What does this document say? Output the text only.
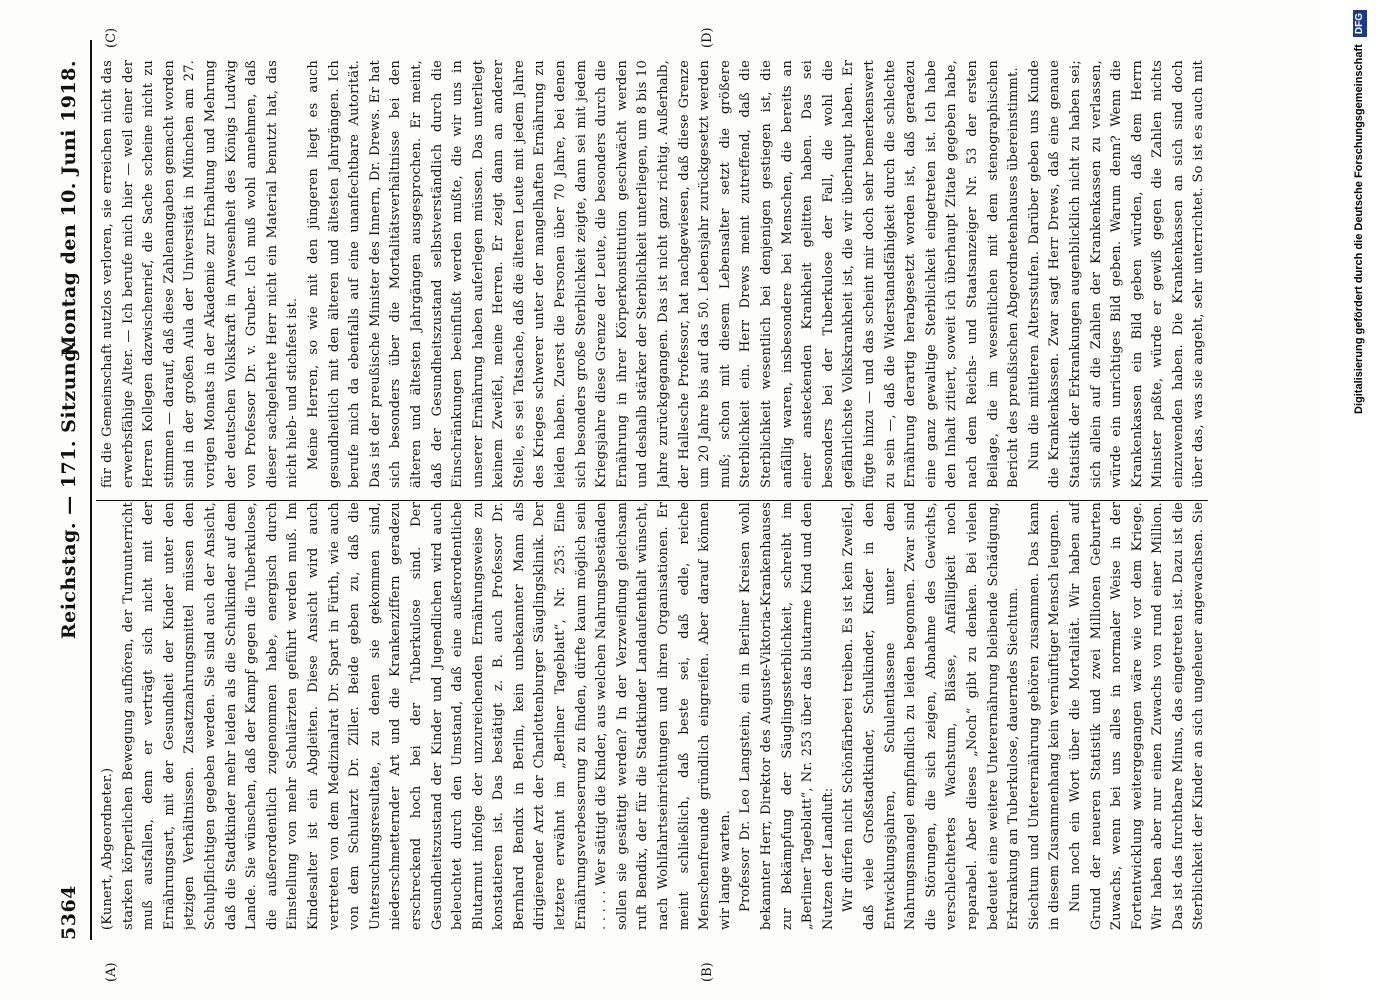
5364
Reichstag. — 171. Sitzung.
Montag den 10. Juni 1918.
(A)	(B)
(C)	(D)

(Kunert, Abgeordneter.) starken körperlichen Bewegung aufhören, der Turnunterricht muß ausfallen, denn er verträgt sich nicht mit der Ernährungsart, mit der Gesundheit der Kinder unter den jetzigen Verhältnissen. Zusatznahrungsmittel müssen den Schulpflichtigen gegeben werden. Sie sind auch der Ansicht, daß die Stadtkinder mehr leiden als die Schulkinder auf dem Lande. Sie wünschen, daß der Kampf gegen die Tuberkulose, die außerordentlich zugenommen habe, energisch durch Einstellung von mehr Schulärzten geführt werden muß. Im Kindesalter ist ein Abgleiten. Diese Ansicht wird auch vertreten von dem Medizinalrat Dr. Spart in Fürth, wie auch von dem Schularzt Dr. Ziller. Beide geben zu, daß die Untersuchungsresultate, zu denen sie gekommen sind, niederschmetternder Art und die Krankenziffern geradezu erschreckend hoch bei der Tuberkulose sind. Der Gesundheitszustand der Kinder und Jugendlichen wird auch beleuchtet durch den Umstand, daß eine außerordentliche Blutarmut infolge der unzureichenden Ernährungsweise zu konstatieren ist. Das bestätigt z. B. auch Professor Dr. Bernhard Bendix in Berlin, kein unbekannter Mann als dirigierender Arzt der Charlottenburger Säuglingsklinik. Der letztere erwähnt im „Berliner Tageblatt“, Nr. 253: Eine Ernährungsverbesserung zu finden, dürfte kaum möglich sein . . . . . Wer sättigt die Kinder, aus welchen Nahrungsbeständen sollen sie gesättigt werden? In der Verzweiflung gleichsam ruft Bendix, der für die Stadtkinder Landaufenthalt wünscht, nach Wohlfahrtseinrichtungen und ihren Organisationen. Er meint schließlich, daß beste sei, daß edle, reiche Menschenfreunde gründlich eingreifen. Aber darauf können wir lange warten. Professor Dr. Leo Langstein, ein in Berliner Kreisen wohl bekannter Herr, Direktor des Auguste-Viktoria-Krankenhauses zur Bekämpfung der Säuglingssterblichkeit, schreibt im „Berliner Tageblatt“, Nr. 253 über das blutarme Kind und den Nutzen der Landluft: Wir dürfen nicht Schönfärberei treiben. Es ist kein Zweifel, daß viele Großstadtkinder, Schulkinder, Kinder in den Entwicklungsjahren, Schulentlassene unter dem Nahrungsmangel empfindlich zu leiden begonnen. Zwar sind die Störungen, die sich zeigen, Abnahme des Gewichts, verschlechtertes Wachstum, Blässe, Anfälligkeit noch reparabel. Aber dieses „Noch“ gibt zu denken. Bei vielen bedeutet eine weitere Unterernährung bleibende Schädigung, Erkrankung an Tuberkulose, dauerndes Siechtum. Siechtum und Unterernährung gehören zusammen. Das kann in diesem Zusammenhang kein vernünftiger Mensch leugnen. Nun noch ein Wort über die Mortalität. Wir haben auf Grund der neueren Statistik und zwei Millionen Geburten Zuwachs, wenn bei uns alles in normaler Weise in der Fortentwicklung weitergegangen wäre wie vor dem Kriege. Wir haben aber nur einen Zuwachs von rund einer Million. Das ist das furchtbare Minus, das eingetreten ist. Dazu ist die Sterblichkeit der Kinder an sich ungeheuer angewachsen. Sie

für die Gemeinschaft nutzlos verloren, sie erreichen nicht das erwerbsfähige Alter. — Ich berufe mich hier — weil einer der Herren Kollegen dazwischenrief, die Sache scheine nicht zu stimmen — darauf, daß diese Zahlenangaben gemacht worden sind in der großen Aula der Universität in München am 27. vorigen Monats in der Akademie zur Erhaltung und Mehrung der deutschen Volkskraft in Anwesenheit des Königs Ludwig von Professor Dr. v. Gruber. Ich muß wohl annehmen, daß dieser sachgelehrte Herr nicht ein Material benutzt hat, das nicht hieb- und stichfest ist. Meine Herren, so wie mit den jüngeren liegt es auch gesundheitlich mit den älteren und ältesten Jahrgängen. Ich berufe mich da ebenfalls auf eine unanfechtbare Autorität. Das ist der preußische Minister des Innern, Dr. Drews. Er hat sich besonders über die Mortalitätsverhältnisse bei den älteren und ältesten Jahrgängen ausgesprochen. Er meint, daß der Gesundheitszustand selbstverständlich durch die Einschränkungen beeinflußt werden mußte, die wir uns in unserer Ernährung haben auferlegen müssen. Das unterliegt keinem Zweifel, meine Herren. Er zeigt dann an anderer Stelle, es sei Tatsache, daß die älteren Leute mit jedem Jahre des Krieges schwerer unter der mangelhaften Ernährung zu leiden haben. Zuerst die Personen über 70 Jahre, bei denen sich besonders große Sterblichkeit zeigte, dann sei mit jedem Kriegsjahre diese Grenze der Leute, die besonders durch die Ernährung in ihrer Körperkonstitution geschwächt werden und deshalb stärker der Sterblichkeit unterliegen, um 8 bis 10 Jahre zurückgegangen. Das ist nicht ganz richtig. Außerhalb, der Hallesche Professor, hat nachgewiesen, daß diese Grenze um 20 Jahre bis auf das 50. Lebensjahr zurückgesetzt werden muß; schon mit diesem Lebensalter setzt die größere Sterblichkeit ein. Herr Drews meint zutreffend, daß die Sterblichkeit wesentlich bei denjenigen gestiegen ist, die anfällig waren, insbesondere bei Menschen, die bereits an einer ansteckenden Krankheit gelitten haben. Das sei besonders bei der Tuberkulose der Fall, die wohl die gefährlichste Volkskrankheit ist, die wir überhaupt haben. Er fügte hinzu — und das scheint mir doch sehr bemerkenswert zu sein —, daß die Widerstandsfähigkeit durch die schlechte Ernährung derartig herabgesetzt worden ist, daß geradezu eine ganz gewaltige Sterblichkeit eingetreten ist. Ich habe den Inhalt zitiert, soweit ich überhaupt Zitate gegeben habe, nach dem Reichs- und Staatsanzeiger Nr. 53 der ersten Beilage, die im wesentlichen mit dem stenographischen Bericht des preußischen Abgeordnetenhauses übereinstimmt. Nun die mittleren Altersstufen. Darüber geben uns Kunde die Krankenkassen. Zwar sagt Herr Drews, daß eine genaue Statistik der Erkrankungen augenblicklich nicht zu haben sei; sich allein auf die Zahlen der Krankenkassen zu verlassen, würde ein unrichtiges Bild geben. Warum denn? Wenn die Krankenkassen ein Bild geben würden, daß dem Herrn Minister paßte, würde er gewiß gegen die Zahlen nichts einzuwenden haben. Die Krankenkassen an sich sind doch über das, was sie angeht, sehr unterrichtet. So ist es auch mit	Digitalisierung gefördert durch die Deutsche Forschungsgemeinschaft DFG
